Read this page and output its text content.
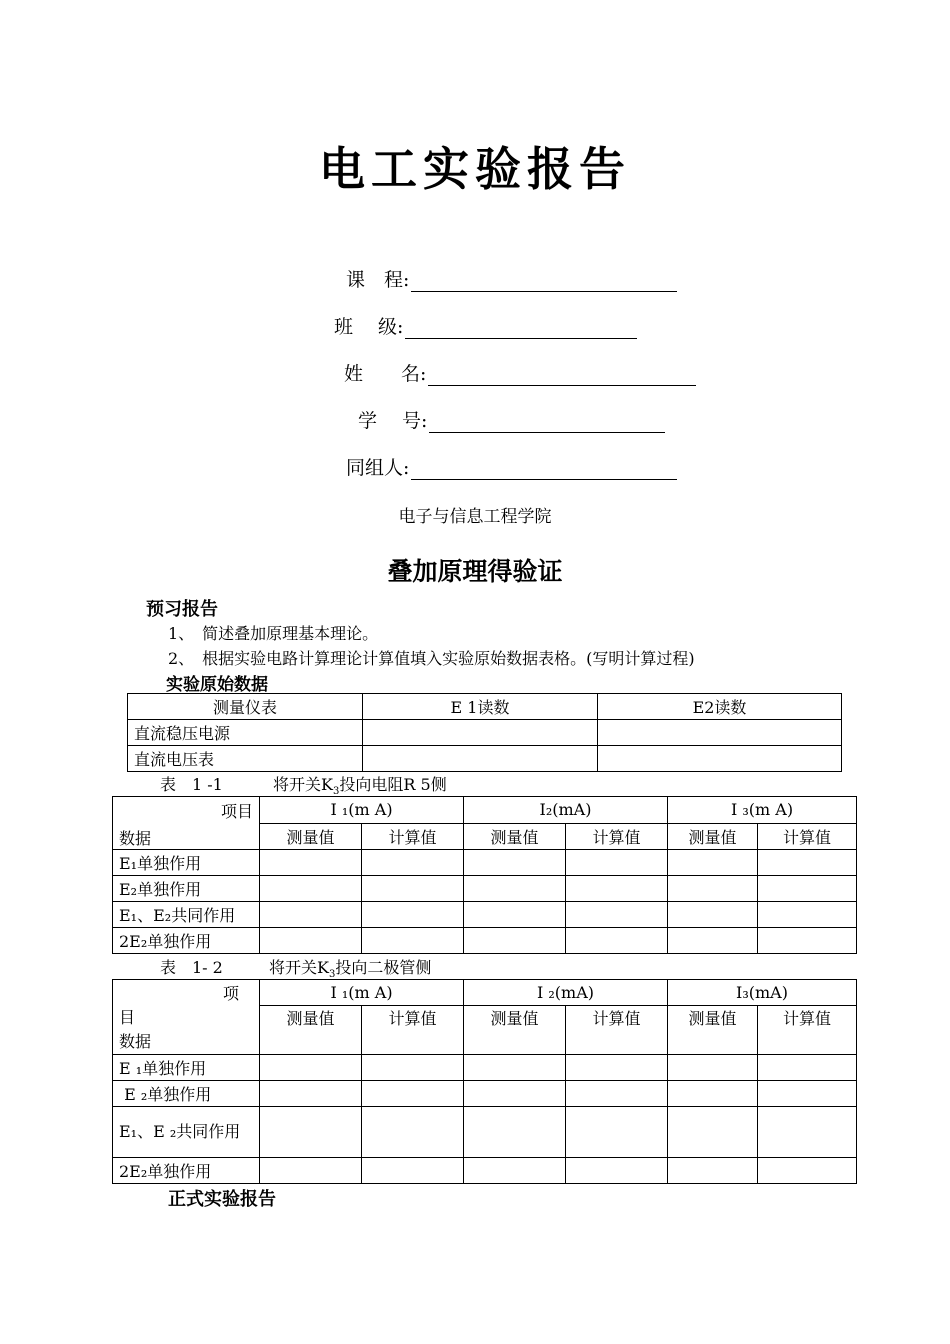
电工实验报告
课　程:
班　 级:
姓　　名:
学　 号:
同组人:
电子与信息工程学院
叠加原理得验证
预习报告
1、　简述叠加原理基本理论。
2、　根据实验电路计算理论计算值填入实验原始数据表格。(写明计算过程)
实验原始数据
测量仪表	E 1读数	E2读数
直流稳压电源		
直流电压表		
表　1 -1	将开关$K_3$投向电阻R 5侧
项目
数据	I ₁(m A)		I₂(mA)		I ₃(m A)	
	测量值	计算值	测量值	计算值	测量值	计算值
E₁单独作用						
E₂单独作用						
E₁、E₂共同作用						
2E₂单独作用						
表　1- 2	将开关$K_3$投向二极管侧
项
目
数据	I ₁(m A)		I ₂(mA)		I₃(mA)	
	测量值	计算值	测量值	计算值	测量值	计算值
E ₁单独作用						
E ₂单独作用						
E₁、E ₂共同作用						
2E₂单独作用						
正式实验报告
